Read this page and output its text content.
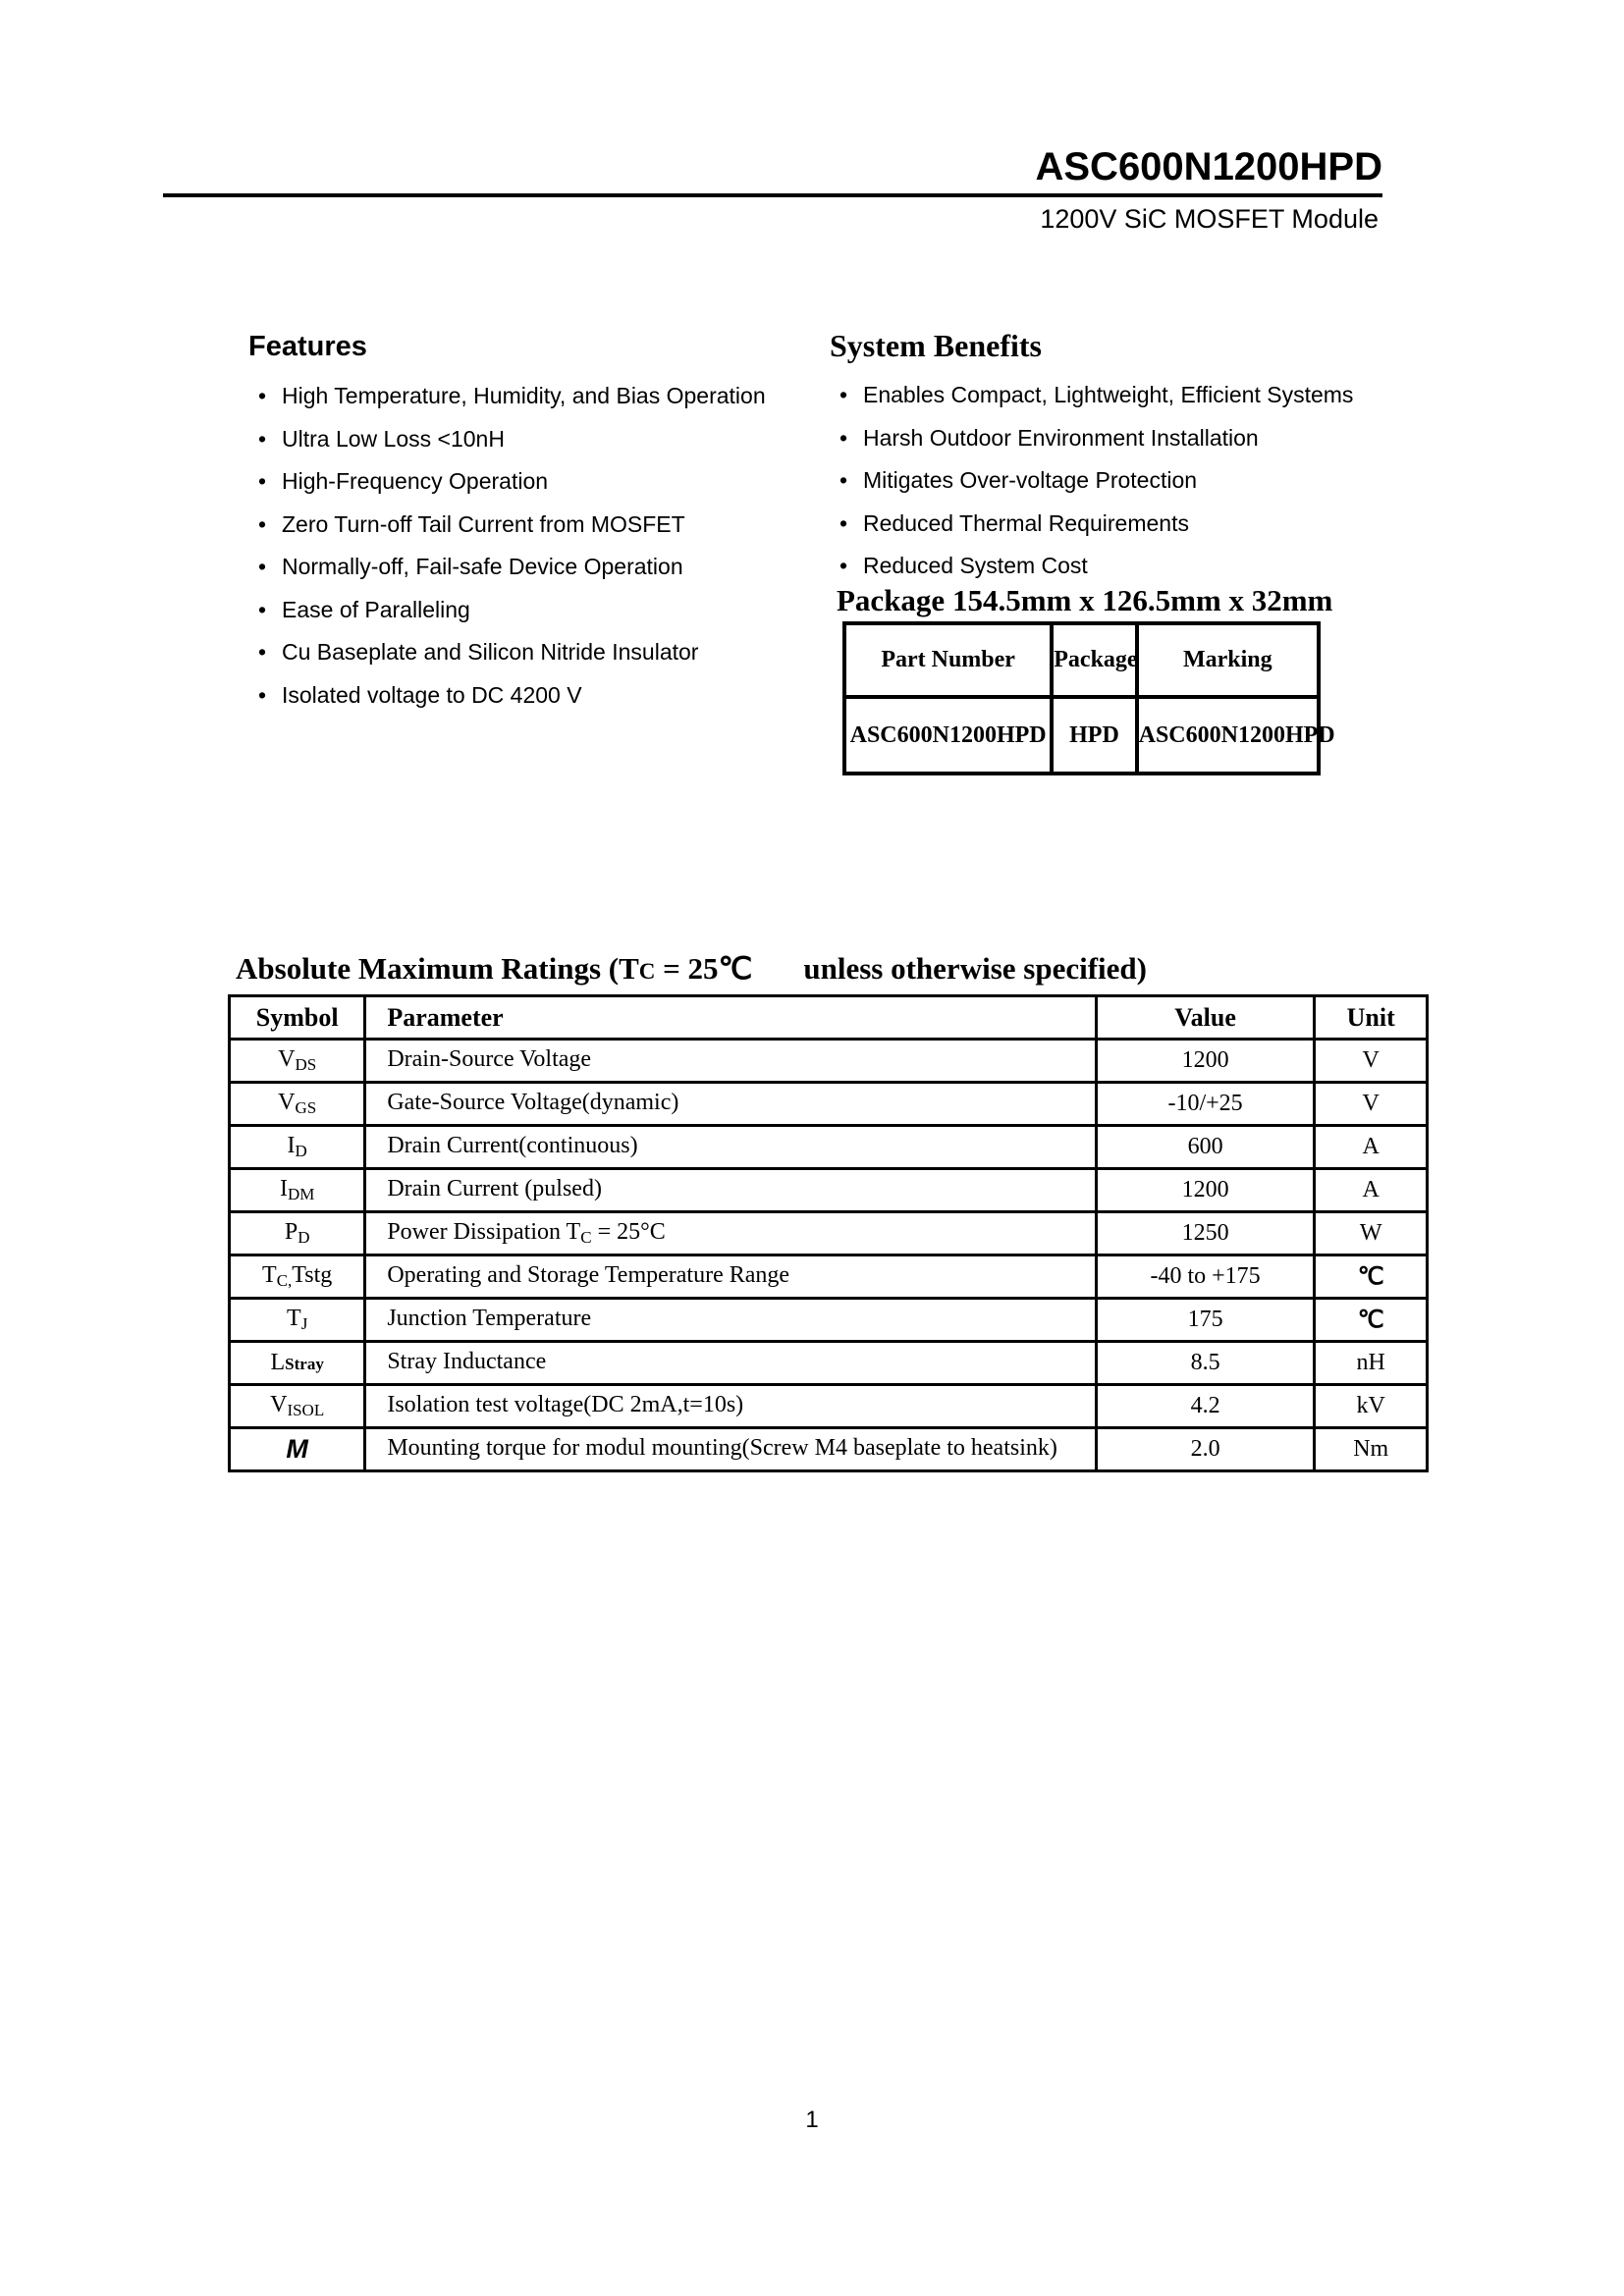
ASC600N1200HPD
1200V SiC MOSFET Module
Features
• High Temperature, Humidity, and Bias Operation
• Ultra Low Loss <10nH
• High-Frequency Operation
• Zero Turn-off Tail Current from MOSFET
• Normally-off, Fail-safe Device Operation
• Ease of Paralleling
• Cu Baseplate and Silicon Nitride Insulator
• Isolated voltage to DC 4200 V
System Benefits
• Enables Compact, Lightweight, Efficient Systems
• Harsh Outdoor Environment Installation
• Mitigates Over-voltage Protection
• Reduced Thermal Requirements
• Reduced System Cost
Package 154.5mm x 126.5mm x 32mm
Part Number	Package	Marking
ASC600N1200HPD	HPD	ASC600N1200HPD
Absolute Maximum Ratings (TC = 25℃ unless otherwise specified)
Symbol	Parameter	Value	Unit
VDS	Drain-Source Voltage	1200	V
VGS	Gate-Source Voltage(dynamic)	-10/+25	V
ID	Drain Current(continuous)	600	A
IDM	Drain Current (pulsed)	1200	A
PD	Power Dissipation TC = 25°C	1250	W
TC,Tstg	Operating and Storage Temperature Range	-40 to +175	℃
TJ	Junction Temperature	175	℃
LStray	Stray Inductance	8.5	nH
VISOL	Isolation test voltage(DC 2mA,t=10s)	4.2	kV
M	Mounting torque for modul mounting(Screw M4 baseplate to heatsink)	2.0	Nm
1
